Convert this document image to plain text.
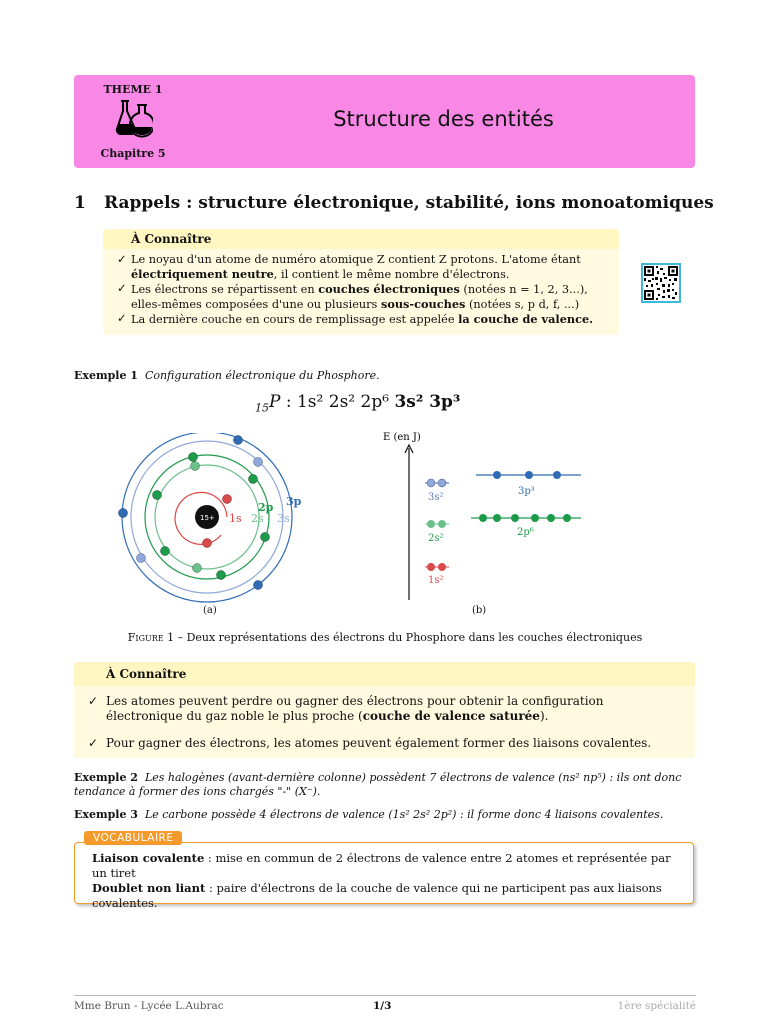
THEME 1
Chapitre 5
Structure des entités
1 Rappels : structure électronique, stabilité, ions monoatomiques
À Connaître
✓ Le noyau d'un atome de numéro atomique Z contient Z protons. L'atome étant électriquement neutre, il contient le même nombre d'électrons.
✓ Les électrons se répartissent en couches électroniques (notées n = 1, 2, 3...), elles-mêmes composées d'une ou plusieurs sous-couches (notées s, p d, f, ...)
✓ La dernière couche en cours de remplissage est appelée la couche de valence.
Exemple 1 Configuration électronique du Phosphore.
$_{15}$P : 1s² 2s² 2p⁶ 3s² 3p³
15+ 1s 2s
2p
3s
3p
E (en J)
1s²
2s²
2p⁶
3s²
3p³
(a)	(b)
Figure 1 – Deux représentations des électrons du Phosphore dans les couches électroniques
À Connaître
✓ Les atomes peuvent perdre ou gagner des électrons pour obtenir la configuration électronique du gaz noble le plus proche (couche de valence saturée).
✓ Pour gagner des électrons, les atomes peuvent également former des liaisons covalentes.
Exemple 2 Les halogènes (avant-dernière colonne) possèdent 7 électrons de valence (ns² np⁵) : ils ont donc tendance à former des ions chargés "-" (X⁻).
Exemple 3 Le carbone possède 4 électrons de valence (1s² 2s² 2p²) : il forme donc 4 liaisons covalentes.
VOCABULAIRE
Liaison covalente : mise en commun de 2 électrons de valence entre 2 atomes et représentée par un tiret
Doublet non liant : paire d'électrons de la couche de valence qui ne participent pas aux liaisons covalentes.
Mme Brun - Lycée L.Aubrac	1/3	1ère spécialité
